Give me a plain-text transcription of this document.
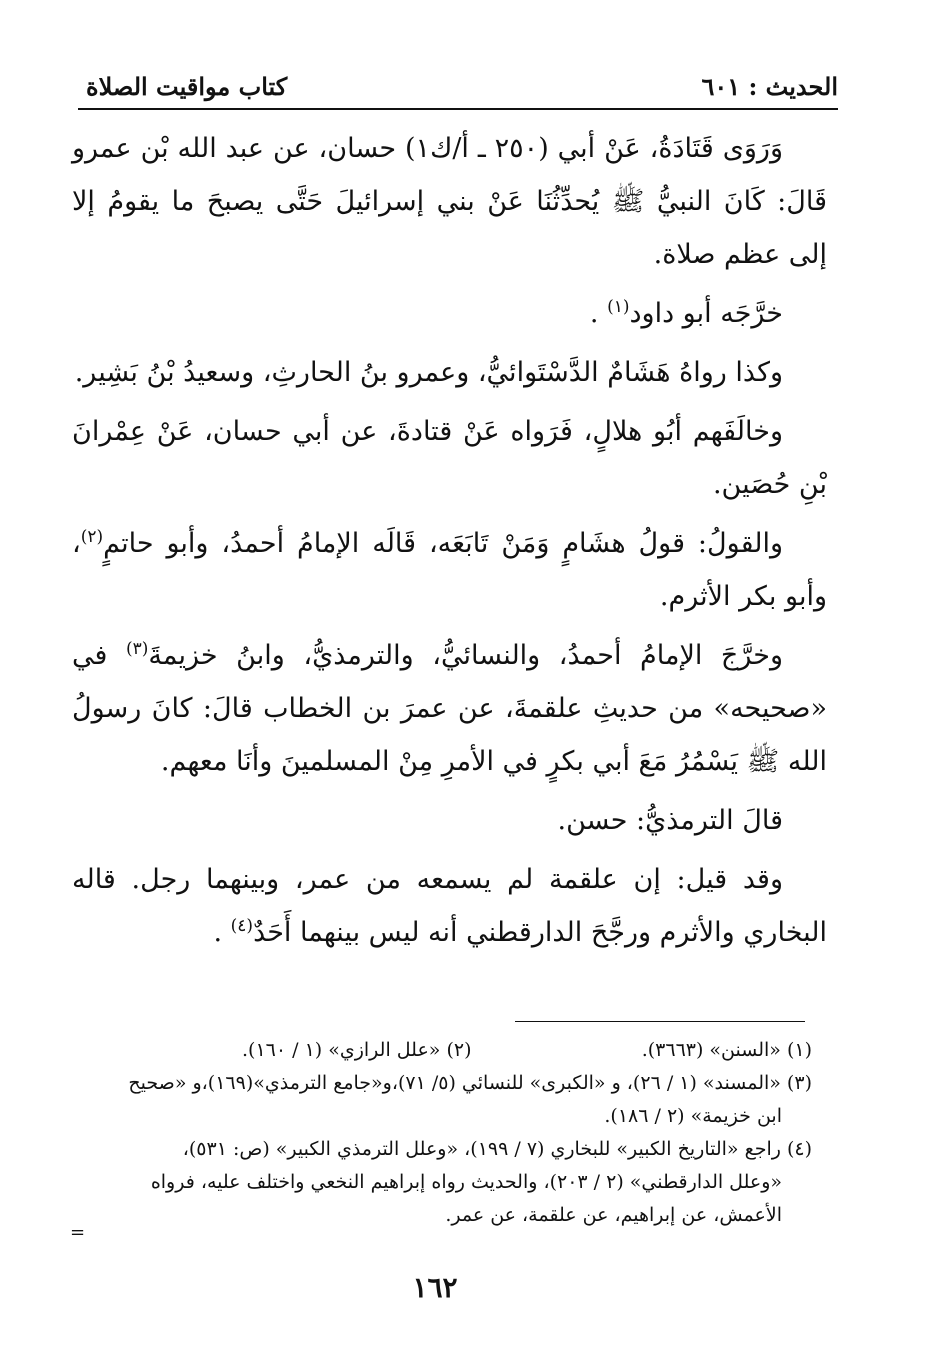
الحديث : ٦٠١
كتاب مواقيت الصلاة

وَرَوَى قَتَادَةُ، عَنْ أبي (٢٥٠ ـ أ/ك١) حسان، عن عبد الله بْن عمرو قَالَ: كَانَ النبيُّ ﷺ يُحدِّثُنَا عَنْ بني إسرائيلَ حَتَّى يصبحَ ما يقومُ إلا إلى عظم صلاة.

خرَّجَه أبو داود$^{(١)}$ .

وكذا رواهُ هَشَامٌ الدَّسْتَوائيُّ، وعمرو بنُ الحارثِ، وسعيدُ بْنُ بَشِير.

وخالَفَهم أبُو هلالٍ، فَرَواه عَنْ قتادةَ، عن أبي حسان، عَنْ عِمْرانَ بْنِ حُصَين.

والقولُ: قولُ هشَامٍ وَمَنْ تَابَعَه، قَالَه الإمامُ أحمدُ، وأبو حاتمٍ$^{(٢)}$، وأبو بكر الأثرم.

وخرَّجَ الإمامُ أحمدُ، والنسائيُّ، والترمذيُّ، وابنُ خزيمةَ$^{(٣)}$ في «صحيحه» من حديثِ علقمةَ، عن عمرَ بن الخطاب قالَ: كانَ رسولُ الله ﷺ يَسْمُرُ مَعَ أبي بكرٍ في الأمرِ مِنْ المسلمينَ وأنَا معهم.

قالَ الترمذيُّ: حسن.

وقد قيل: إن علقمة لم يسمعه من عمر، وبينهما رجل. قاله البخاري والأثرم ورجَّحَ الدارقطني أنه ليس بينهما أَحَدٌ$^{(٤)}$ .

(١) «السنن» (٣٦٦٣).
(٢) «علل الرازي» (١ / ١٦٠).

(٣) «المسند» (١ / ٢٦)، و «الكبرى» للنسائي (٥/ ٧١)،و«جامع الترمذي»(١٦٩)،و «صحيح

ابن خزيمة» (٢ / ١٨٦).

(٤) راجع «التاريخ الكبير» للبخاري (٧ / ١٩٩)، «وعلل الترمذي الكبير» (ص: ٥٣١)،

«وعلل الدارقطني» (٢ / ٢٠٣)، والحديث رواه إبراهيم النخعي واختلف عليه، فرواه

الأعمش، عن إبراهيم، عن علقمة، عن عمر.

=
١٦٢
